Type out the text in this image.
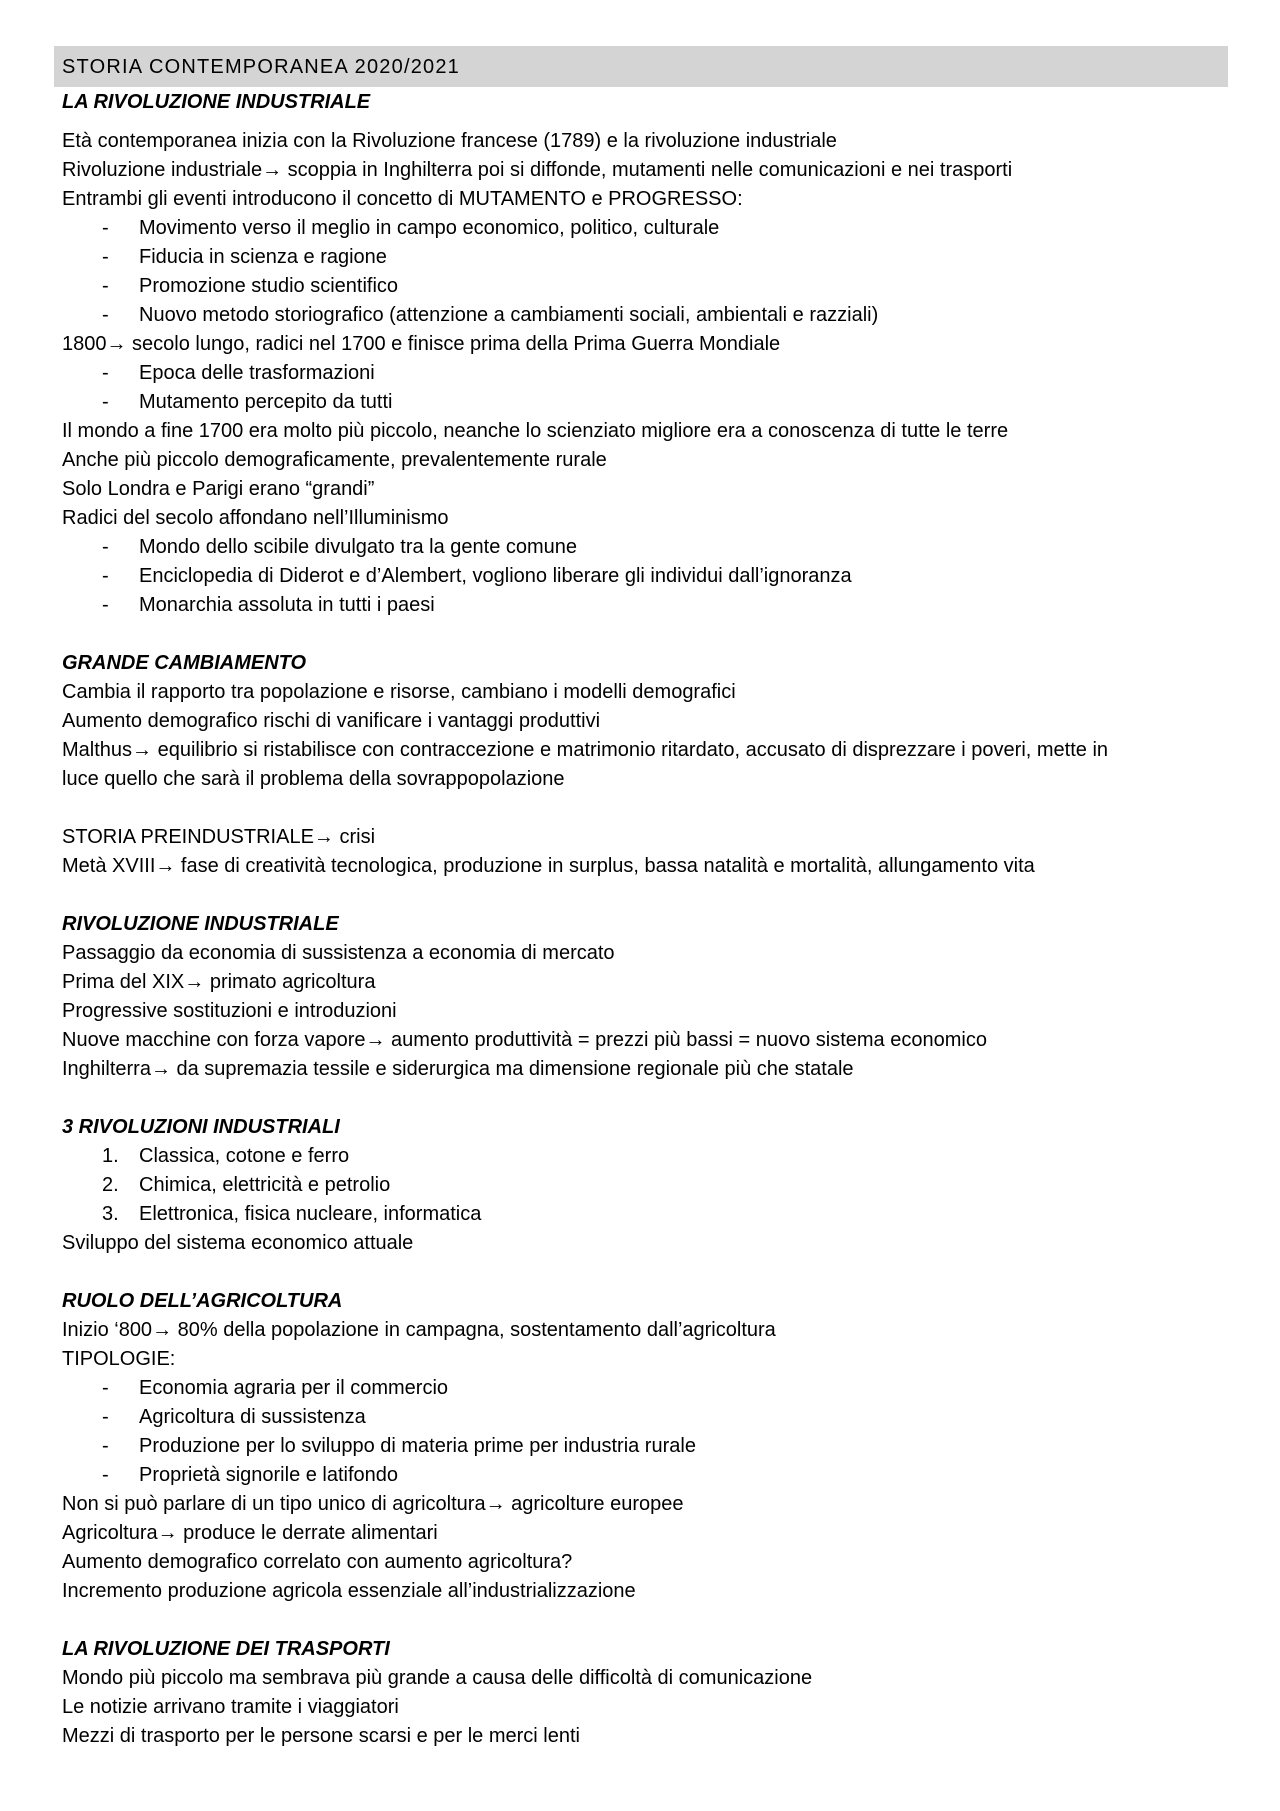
STORIA CONTEMPORANEA 2020/2021
LA RIVOLUZIONE INDUSTRIALE
Età contemporanea inizia con la Rivoluzione francese (1789) e la rivoluzione industriale
Rivoluzione industriale→ scoppia in Inghilterra poi si diffonde, mutamenti nelle comunicazioni e nei trasporti
Entrambi gli eventi introducono il concetto di MUTAMENTO e PROGRESSO:
- Movimento verso il meglio in campo economico, politico, culturale
- Fiducia in scienza e ragione
- Promozione studio scientifico
- Nuovo metodo storiografico (attenzione a cambiamenti sociali, ambientali e razziali)
1800→ secolo lungo, radici nel 1700 e finisce prima della Prima Guerra Mondiale
- Epoca delle trasformazioni
- Mutamento percepito da tutti
Il mondo a fine 1700 era molto più piccolo, neanche lo scienziato migliore era a conoscenza di tutte le terre
Anche più piccolo demograficamente, prevalentemente rurale
Solo Londra e Parigi erano “grandi”
Radici del secolo affondano nell’Illuminismo
- Mondo dello scibile divulgato tra la gente comune
- Enciclopedia di Diderot e d’Alembert, vogliono liberare gli individui dall’ignoranza
- Monarchia assoluta in tutti i paesi
GRANDE CAMBIAMENTO
Cambia il rapporto tra popolazione e risorse, cambiano i modelli demografici
Aumento demografico rischi di vanificare i vantaggi produttivi
Malthus→ equilibrio si ristabilisce con contraccezione e matrimonio ritardato, accusato di disprezzare i poveri, mette in
luce quello che sarà il problema della sovrappopolazione
STORIA PREINDUSTRIALE→ crisi
Metà XVIII→ fase di creatività tecnologica, produzione in surplus, bassa natalità e mortalità, allungamento vita
RIVOLUZIONE INDUSTRIALE
Passaggio da economia di sussistenza a economia di mercato
Prima del XIX→ primato agricoltura
Progressive sostituzioni e introduzioni
Nuove macchine con forza vapore→ aumento produttività = prezzi più bassi = nuovo sistema economico
Inghilterra→ da supremazia tessile e siderurgica ma dimensione regionale più che statale
3 RIVOLUZIONI INDUSTRIALI
1. Classica, cotone e ferro
2. Chimica, elettricità e petrolio
3. Elettronica, fisica nucleare, informatica
Sviluppo del sistema economico attuale
RUOLO DELL’AGRICOLTURA
Inizio ‘800→ 80% della popolazione in campagna, sostentamento dall’agricoltura
TIPOLOGIE:
- Economia agraria per il commercio
- Agricoltura di sussistenza
- Produzione per lo sviluppo di materia prime per industria rurale
- Proprietà signorile e latifondo
Non si può parlare di un tipo unico di agricoltura→ agricolture europee
Agricoltura→ produce le derrate alimentari
Aumento demografico correlato con aumento agricoltura?
Incremento produzione agricola essenziale all’industrializzazione
LA RIVOLUZIONE DEI TRASPORTI
Mondo più piccolo ma sembrava più grande a causa delle difficoltà di comunicazione
Le notizie arrivano tramite i viaggiatori
Mezzi di trasporto per le persone scarsi e per le merci lenti
